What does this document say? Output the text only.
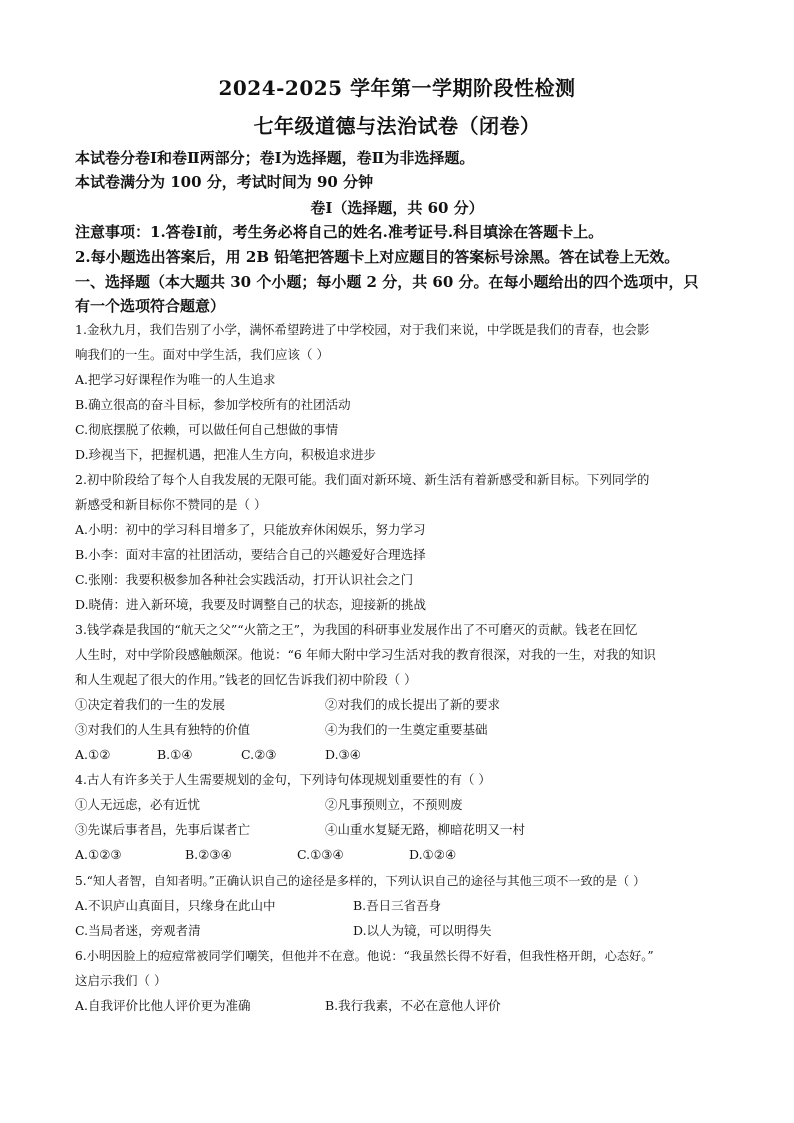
2024-2025 学年第一学期阶段性检测
七年级道德与法治试卷（闭卷）
本试卷分卷Ⅰ和卷Ⅱ两部分；卷Ⅰ为选择题，卷Ⅱ为非选择题。
本试卷满分为 100 分，考试时间为 90 分钟
卷Ⅰ（选择题，共 60 分）
注意事项：1.答卷Ⅰ前，考生务必将自己的姓名.准考证号.科目填涂在答题卡上。
2.每小题选出答案后，用 2B 铅笔把答题卡上对应题目的答案标号涂黑。答在试卷上无效。
一、选择题（本大题共 30 个小题；每小题 2 分，共 60 分。在每小题给出的四个选项中，只
有一个选项符合题意）
1.金秋九月，我们告别了小学，满怀希望跨进了中学校园，对于我们来说，中学既是我们的青春，也会影
响我们的一生。面对中学生活，我们应该（ ）
A.把学习好课程作为唯一的人生追求
B.确立很高的奋斗目标，参加学校所有的社团活动
C.彻底摆脱了依赖，可以做任何自己想做的事情
D.珍视当下，把握机遇，把准人生方向，积极追求进步
2.初中阶段给了每个人自我发展的无限可能。我们面对新环境、新生活有着新感受和新目标。下列同学的
新感受和新目标你不赞同的是（ ）
A.小明：初中的学习科目增多了，只能放弃休闲娱乐，努力学习
B.小李：面对丰富的社团活动，要结合自己的兴趣爱好合理选择
C.张刚：我要积极参加各种社会实践活动，打开认识社会之门
D.晓倩：进入新环境，我要及时调整自己的状态，迎接新的挑战
3.钱学森是我国的“航天之父”“火箭之王”，为我国的科研事业发展作出了不可磨灭的贡献。钱老在回忆
人生时，对中学阶段感触颇深。他说：“6 年师大附中学习生活对我的教育很深，对我的一生，对我的知识
和人生观起了很大的作用。”钱老的回忆告诉我们初中阶段（ ）
①决定着我们的一生的发展	②对我们的成长提出了新的要求
③对我们的人生具有独特的价值	④为我们的一生奠定重要基础
A.①②	B.①④	C.②③	D.③④
4.古人有许多关于人生需要规划的金句，下列诗句体现规划重要性的有（ ）
①人无远虑，必有近忧	②凡事预则立，不预则废
③先谋后事者昌，先事后谋者亡	④山重水复疑无路，柳暗花明又一村
A.①②③	B.②③④	C.①③④	D.①②④
5.“知人者智，自知者明。”正确认识自己的途径是多样的，下列认识自己的途径与其他三项不一致的是（ ）
A.不识庐山真面目，只缘身在此山中	B.吾日三省吾身
C.当局者迷，旁观者清	D.以人为镜，可以明得失
6.小明因脸上的痘痘常被同学们嘲笑，但他并不在意。他说：“我虽然长得不好看，但我性格开朗，心态好。”
这启示我们（ ）
A.自我评价比他人评价更为准确	B.我行我素，不必在意他人评价
